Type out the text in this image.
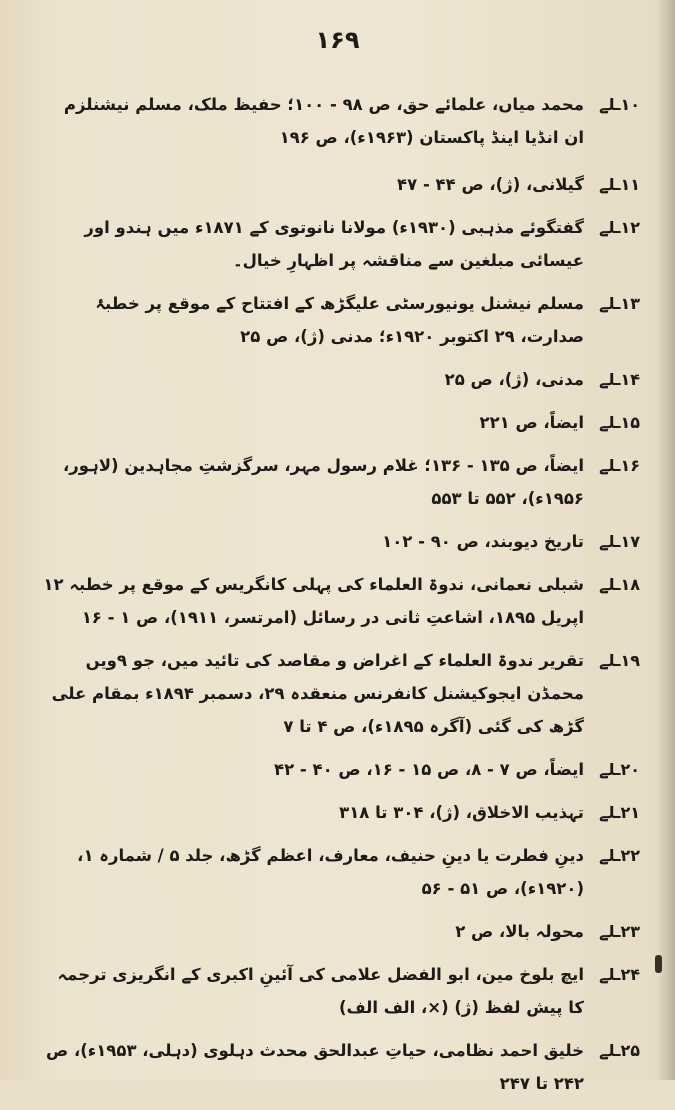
۱۶۹
۱۰ـلے
محمد میاں، علمائے حق، ص ۹۸ - ۱۰۰؛ حفیظ ملک، مسلم نیشنلزم ان انڈیا اینڈ پاکستان (۱۹۶۳ء)، ص ۱۹۶
۱۱ـلے
گیلانی، (ژ)، ص ۴۴ - ۴۷
۱۲ـلے
گفتگوئے مذہبی (۱۹۳۰ء) مولانا نانوتوی کے ۱۸۷۱ء میں ہندو اور عیسائی مبلغین سے مناقشہ پر اظہارِ خیال۔
۱۳ـلے
مسلم نیشنل یونیورسٹی علیگڑھ کے افتتاح کے موقع پر خطبۂ صدارت، ۲۹ اکتوبر ۱۹۲۰ء؛ مدنی (ژ)، ص ۲۵
۱۴ـلے
مدنی، (ژ)، ص ۲۵
۱۵ـلے
ایضاً، ص ۲۲۱
۱۶ـلے
ایضاً، ص ۱۳۵ - ۱۳۶؛ غلام رسول مہر، سرگزشتِ مجاہدین (لاہور، ۱۹۵۶ء)، ۵۵۲ تا ۵۵۳
۱۷ـلے
تاریخ دیوبند، ص ۹۰ - ۱۰۲
۱۸ـلے
شبلی نعمانی، ندوۃ العلماء کی پہلی کانگریس کے موقع پر خطبہ ۱۲ اپریل ۱۸۹۵، اشاعتِ ثانی در رسائل (امرتسر، ۱۹۱۱)، ص ۱ - ۱۶
۱۹ـلے
تقریر ندوۃ العلماء کے اغراض و مقاصد کی تائید میں، جو ۹ویں محمڈن ایجوکیشنل کانفرنس منعقدہ ۲۹، دسمبر ۱۸۹۴ء بمقام علی گڑھ کی گئی (آگرہ ۱۸۹۵ء)، ص ۴ تا ۷
۲۰ـلے
ایضاً، ص ۷ - ۸، ص ۱۵ - ۱۶، ص ۴۰ - ۴۲
۲۱ـلے
تہذیب الاخلاق، (ژ)، ۳۰۴ تا ۳۱۸
۲۲ـلے
دینِ فطرت یا دینِ حنیف، معارف، اعظم گڑھ، جلد ۵ / شمارہ ۱، (۱۹۲۰ء)، ص ۵۱ - ۵۶
۲۳ـلے
محولہ بالا، ص ۲
۲۴ـلے
ایچ بلوخ مین، ابو الفضل علامی کی آئینِ اکبری کے انگریزی ترجمہ کا پیش لفظ (ژ) (×، الف الف)
۲۵ـلے
خلیق احمد نظامی، حیاتِ عبدالحق محدث دہلوی (دہلی، ۱۹۵۳ء)، ص ۲۴۲ تا ۲۴۷
